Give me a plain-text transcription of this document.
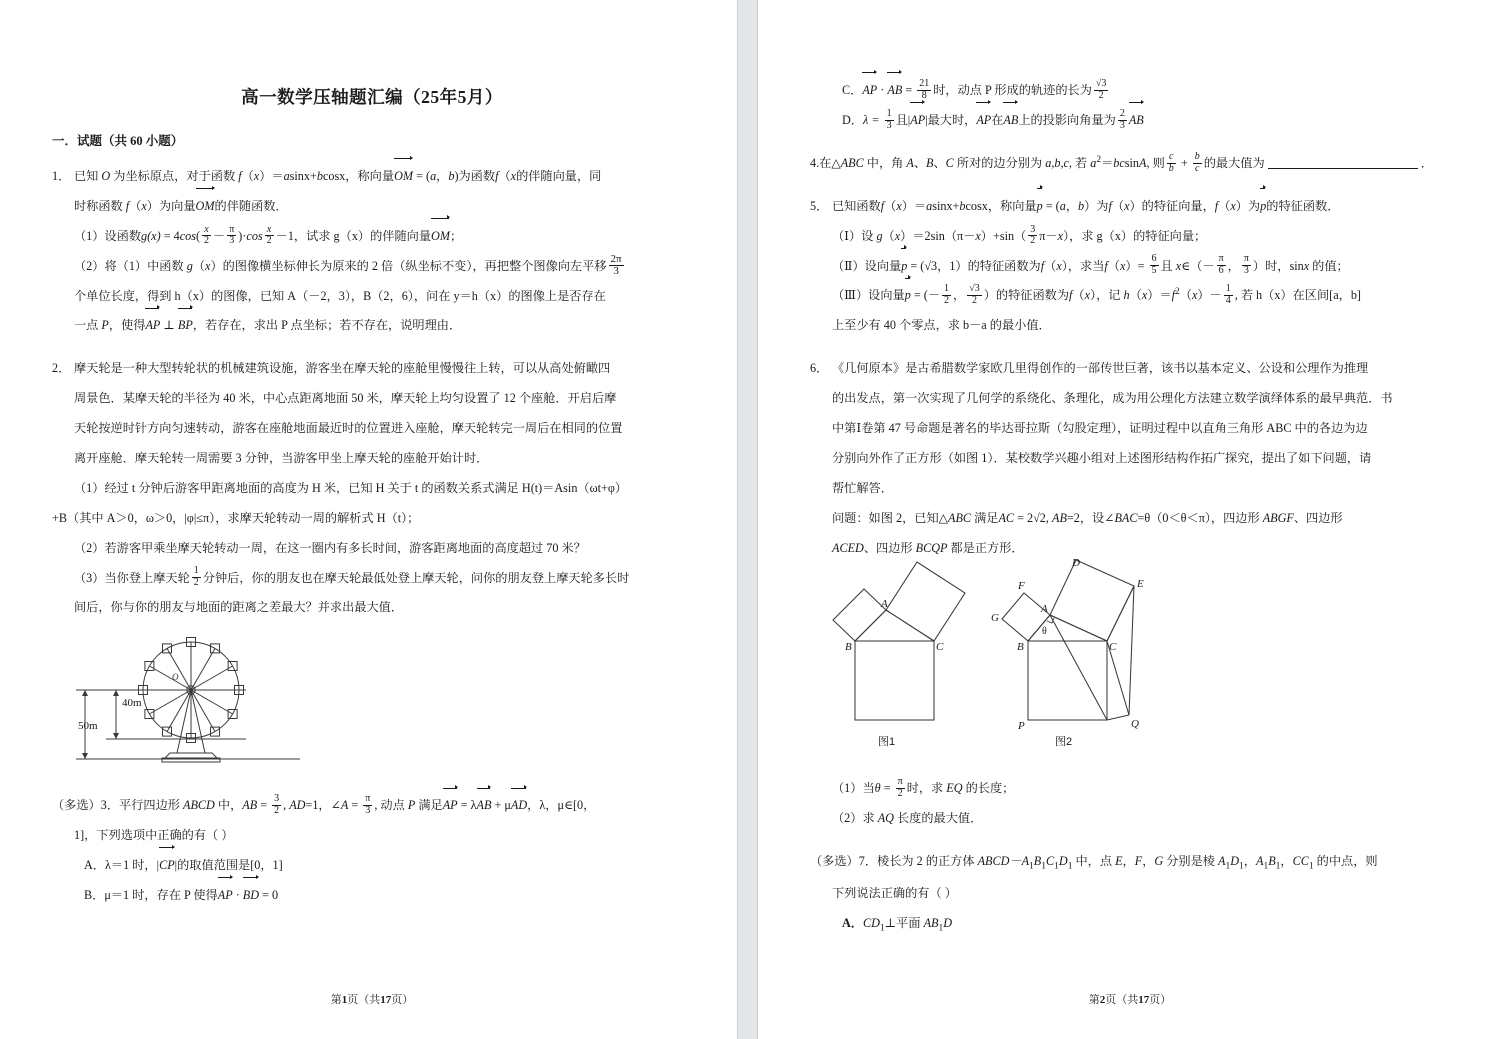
高一数学压轴题汇编（25年5月）
一．试题（共 60 小题）
1． 已知 O 为坐标原点，对于函数 f（x）＝asinx+bcosx，称向量OM = (a，b)为函数f（x的伴随向量，同
时称函数 f（x）为向量OM的伴随函数．
（1）设函数$g(x) = 4\cos( \frac{x}{2} - \frac{\pi}{3} )\cdot\cos \frac{x}{2} -1$，试求 g（x）的伴随向量OM；
（2）将（1）中函数 g（x）的图像横坐标伸长为原来的 2 倍（纵坐标不变），再把整个图像向左平移 $\frac{2\pi}{3}$
个单位长度，得到 h（x）的图像，已知 A（－2，3），B（2，6），问在 y＝h（x）的图像上是否存在
一点 P，使得AP ⊥ BP，若存在，求出 P 点坐标；若不存在，说明理由．
2． 摩天轮是一种大型转轮状的机械建筑设施，游客坐在摩天轮的座舱里慢慢往上转，可以从高处俯瞰四
周景色．某摩天轮的半径为 40 米，中心点距离地面 50 米，摩天轮上均匀设置了 12 个座舱．开启后摩
天轮按逆时针方向匀速转动，游客在座舱地面最近时的位置进入座舱，摩天轮转完一周后在相同的位置
离开座舱．摩天轮转一周需要 3 分钟，当游客甲坐上摩天轮的座舱开始计时．
（1）经过 t 分钟后游客甲距离地面的高度为 H 米，已知 H 关于 t 的函数关系式满足 H(t)＝Asin（ωt+φ）
+B（其中 A＞0，ω＞0，|φ|≤π），求摩天轮转动一周的解析式 H（t）；
（2）若游客甲乘坐摩天轮转动一周，在这一圈内有多长时间，游客距离地面的高度超过 70 米？
（3）当你登上摩天轮 $\frac{1}{2}$ 分钟后，你的朋友也在摩天轮最低处登上摩天轮，问你的朋友登上摩天轮多长时
间后，你与你的朋友与地面的距离之差最大？并求出最大值．
O
40m
50m
（多选）3．平行四边形 ABCD 中，AB = $\frac{3}{2}$ , AD=1，∠A = $\frac{\pi}{3}$ , 动点 P 满足AP = λAB + μAD，λ，μ∈[0，
1]，下列选项中正确的有（ ）
A．λ＝1 时，|CP|的取值范围是[0，1]
B．μ＝1 时，存在 P 使得AP · BD = 0
第1页（共17页）
C．AP · AB = $\frac{21}{8}$ 时，动点 P 形成的轨迹的长为 $\frac{√3}{2}$
D．$\lambda = \frac{1}{3}$ 且|AP|最大时，AP在AB上的投影向角量为 $\frac{2}{3}$ AB
4.在△ABC 中，角 A、B、C 所对的边分别为 a,b,c, 若 $a^2=bcsinA$, 则 $\frac{c}{b} + \frac{b}{c}$ 的最大值为	．
5． 已知函数f（x）＝asinx+bcosx，称向量p = (a，b）为f（x）的特征向量，f（x）为p的特征函数．
（Ⅰ）设 $g(x)=2\sin(\pi-x)+\sin( \frac{3}{2} \pi-x)$，求 g（x）的特征向量；
（Ⅱ）设向量p = (√3，1）的特征函数为f（x），求当$f(x)= \frac{6}{5}$ 且 x∈（－ $\frac{\pi}{6}$ ， $\frac{\pi}{3}$ ）时，sinx 的值；
（Ⅲ）设向量p = (－ $\frac{1}{2}$ ， $\frac{√3}{2}$ ）的特征函数为f（x），记 $h(x)=f^2(x)- \frac{1}{4}$ , 若 h（x）在区间[a，b]
上至少有 40 个零点，求 b－a 的最小值．
6． 《几何原本》是古希腊数学家欧几里得创作的一部传世巨著，该书以基本定义、公设和公理作为推理
的出发点，第一次实现了几何学的系绕化、条理化，成为用公理化方法建立数学演绎体系的最早典范．书
中第Ⅰ卷第 47 号命题是著名的毕达哥拉斯（勾股定理），证明过程中以直角三角形 ABC 中的各边为边
分别向外作了正方形（如图 1）．某校数学兴趣小组对上述图形结构作拓广探究，提出了如下问题，请
帮忙解答．
问题：如图 2，已知△ABC 满足AC = 2√2, AB=2，设∠BAC=θ（0＜θ＜π），四边形 ABGF、四边形
ACED、四边形 BCQP 都是正方形．
A
B	C
A
B	C
D
E
F
G
P	Q
θ
图1	图2
（1）当$\theta = \frac{\pi}{2}$ 时，求 EQ 的长度；
（2）求 AQ 长度的最大值．
（多选）7．棱长为 2 的正方体 $ABCD-A_1B_1C_1D_1$ 中，点 E，F，G 分别是棱 $A_1D_1$，$A_1B_1$，$CC_1$ 的中点，则
下列说法正确的有（ ）
A．$CD_1\perp$平面 $AB_1D$
第2页（共17页）
